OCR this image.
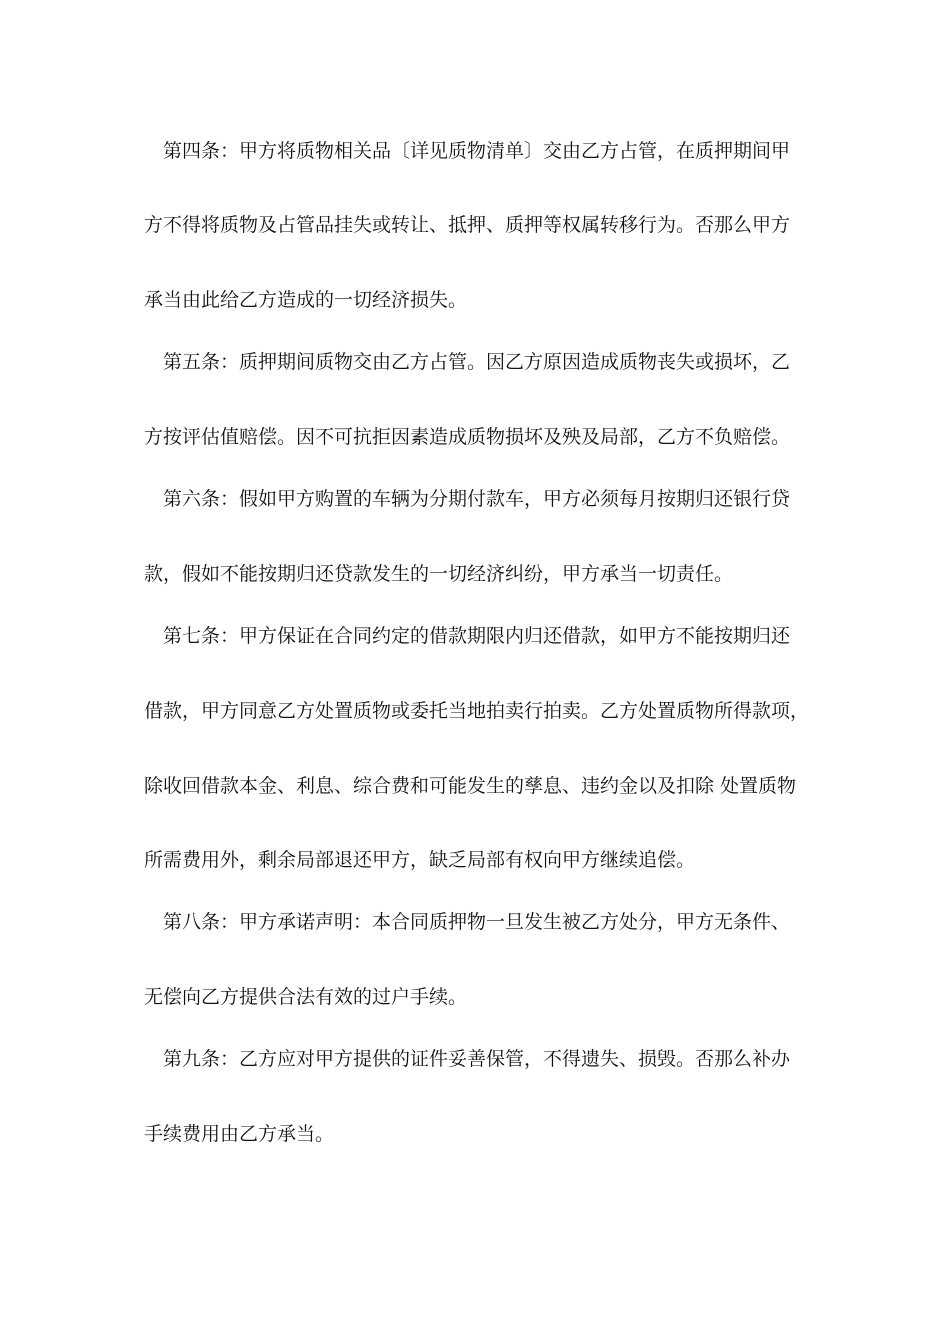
第四条：甲方将质物相关品〔详见质物清单〕交由乙方占管，在质押期间甲
方不得将质物及占管品挂失或转让、抵押、质押等权属转移行为。否那么甲方
承当由此给乙方造成的一切经济损失。
第五条：质押期间质物交由乙方占管。因乙方原因造成质物丧失或损坏，乙
方按评估值赔偿。因不可抗拒因素造成质物损坏及殃及局部，乙方不负赔偿。
第六条：假如甲方购置的车辆为分期付款车，甲方必须每月按期归还银行贷
款，假如不能按期归还贷款发生的一切经济纠纷，甲方承当一切责任。
第七条：甲方保证在合同约定的借款期限内归还借款，如甲方不能按期归还
借款，甲方同意乙方处置质物或委托当地拍卖行拍卖。乙方处置质物所得款项，
除收回借款本金、利息、综合费和可能发生的孳息、违约金以及扣除 处置质物
所需费用外，剩余局部退还甲方，缺乏局部有权向甲方继续追偿。
第八条：甲方承诺声明：本合同质押物一旦发生被乙方处分，甲方无条件、
无偿向乙方提供合法有效的过户手续。
第九条：乙方应对甲方提供的证件妥善保管，不得遗失、损毁。否那么补办
手续费用由乙方承当。
